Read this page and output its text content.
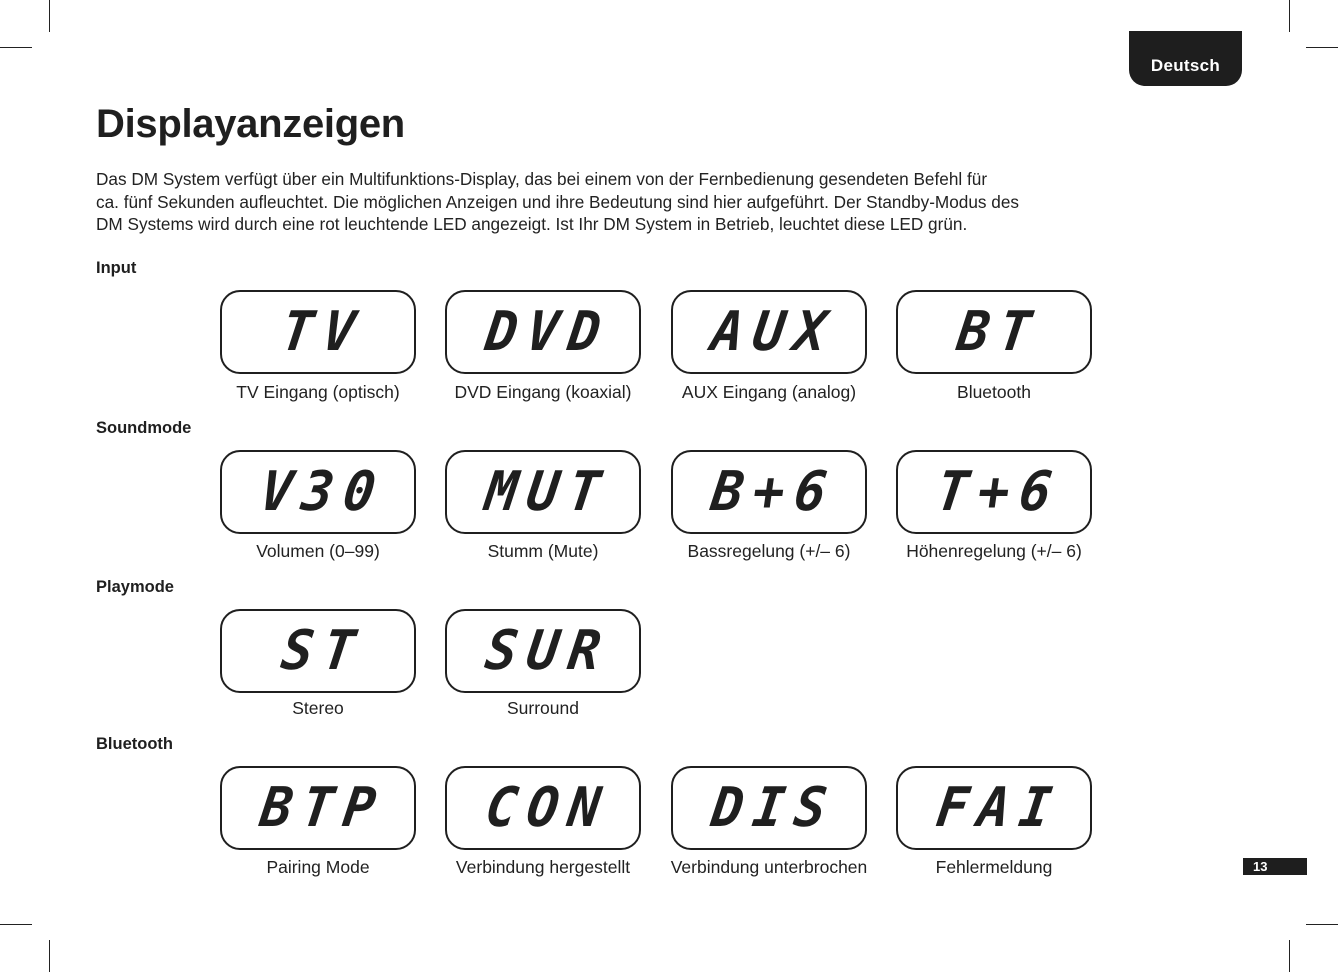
Deutsch
Displayanzeigen
Das DM System verfügt über ein Multifunktions-Display, das bei einem von der Fernbedienung gesendeten Befehl für
ca. fünf Sekunden aufleuchtet. Die möglichen Anzeigen und ihre Bedeutung sind hier aufgeführt. Der Standby-Modus des
DM Systems wird durch eine rot leuchtende LED angezeigt. Ist Ihr DM System in Betrieb, leuchtet diese LED grün.
Input
TV DVD AUX BT
TV Eingang (optisch)	DVD Eingang (koaxial)	AUX Eingang (analog)	Bluetooth
Soundmode
V30 MUT B+6 T+6
Volumen (0–99)	Stumm (Mute)	Bassregelung (+/– 6)	Höhenregelung (+/– 6)
Playmode
ST SUR
Stereo	Surround
Bluetooth
BTP CON DIS FAI
Pairing Mode	Verbindung hergestellt	Verbindung unterbrochen	Fehlermeldung	13
